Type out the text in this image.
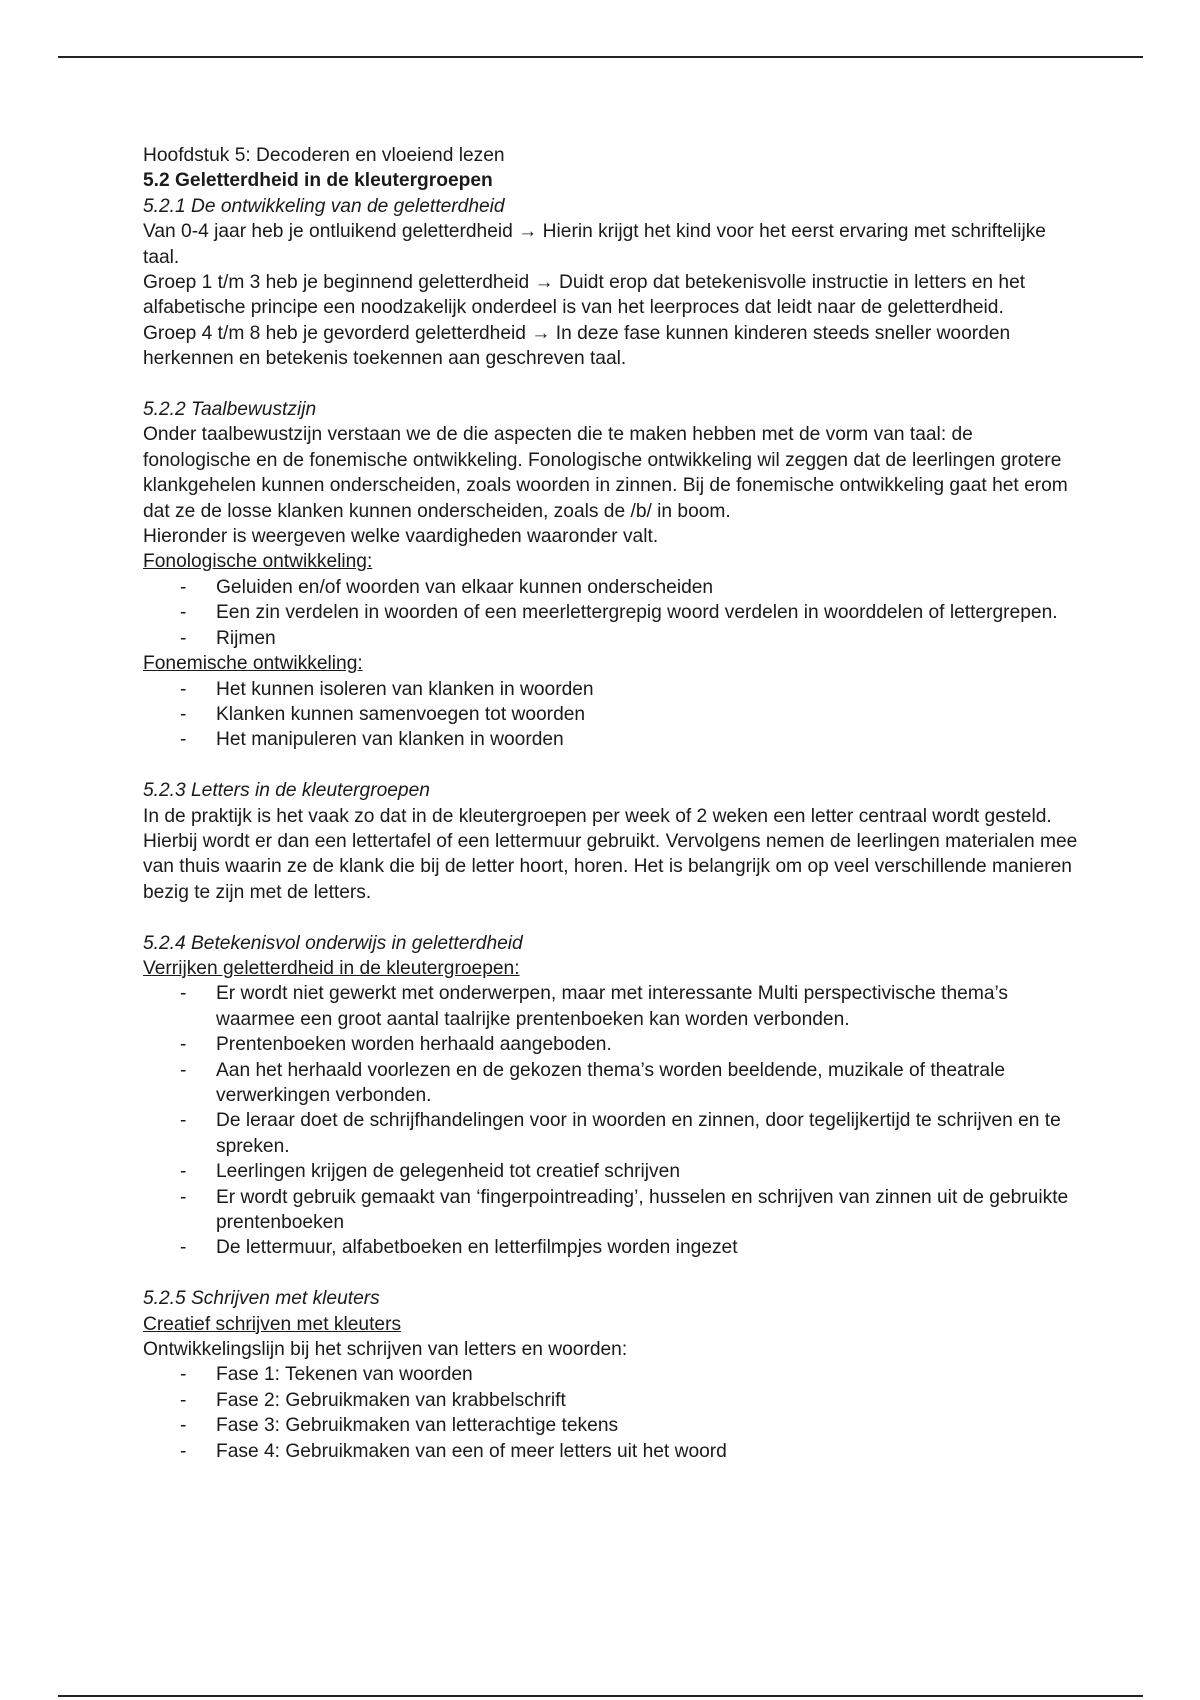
Hoofdstuk 5: Decoderen en vloeiend lezen

5.2 Geletterdheid in de kleutergroepen

5.2.1 De ontwikkeling van de geletterdheid

Van 0-4 jaar heb je ontluikend geletterdheid → Hierin krijgt het kind voor het eerst ervaring met schriftelijke taal.

Groep 1 t/m 3 heb je beginnend geletterdheid → Duidt erop dat betekenisvolle instructie in letters en het alfabetische principe een noodzakelijk onderdeel is van het leerproces dat leidt naar de geletterdheid.

Groep 4 t/m 8 heb je gevorderd geletterdheid → In deze fase kunnen kinderen steeds sneller woorden herkennen en betekenis toekennen aan geschreven taal.

5.2.2 Taalbewustzijn

Onder taalbewustzijn verstaan we de die aspecten die te maken hebben met de vorm van taal: de fonologische en de fonemische ontwikkeling. Fonologische ontwikkeling wil zeggen dat de leerlingen grotere klankgehelen kunnen onderscheiden, zoals woorden in zinnen. Bij de fonemische ontwikkeling gaat het erom dat ze de losse klanken kunnen onderscheiden, zoals de /b/ in boom.

Hieronder is weergeven welke vaardigheden waaronder valt.

Fonologische ontwikkeling:

- Geluiden en/of woorden van elkaar kunnen onderscheiden
- Een zin verdelen in woorden of een meerlettergrepig woord verdelen in woorddelen of lettergrepen.
- Rijmen

Fonemische ontwikkeling:

- Het kunnen isoleren van klanken in woorden
- Klanken kunnen samenvoegen tot woorden
- Het manipuleren van klanken in woorden

5.2.3 Letters in de kleutergroepen

In de praktijk is het vaak zo dat in de kleutergroepen per week of 2 weken een letter centraal wordt gesteld. Hierbij wordt er dan een lettertafel of een lettermuur gebruikt. Vervolgens nemen de leerlingen materialen mee van thuis waarin ze de klank die bij de letter hoort, horen. Het is belangrijk om op veel verschillende manieren bezig te zijn met de letters.

5.2.4 Betekenisvol onderwijs in geletterdheid

Verrijken geletterdheid in de kleutergroepen:

- Er wordt niet gewerkt met onderwerpen, maar met interessante Multi perspectivische thema’s waarmee een groot aantal taalrijke prentenboeken kan worden verbonden.
- Prentenboeken worden herhaald aangeboden.
- Aan het herhaald voorlezen en de gekozen thema’s worden beeldende, muzikale of theatrale verwerkingen verbonden.
- De leraar doet de schrijfhandelingen voor in woorden en zinnen, door tegelijkertijd te schrijven en te spreken.
- Leerlingen krijgen de gelegenheid tot creatief schrijven
- Er wordt gebruik gemaakt van ‘fingerpointreading’, husselen en schrijven van zinnen uit de gebruikte prentenboeken
- De lettermuur, alfabetboeken en letterfilmpjes worden ingezet

5.2.5 Schrijven met kleuters

Creatief schrijven met kleuters

Ontwikkelingslijn bij het schrijven van letters en woorden:

- Fase 1: Tekenen van woorden
- Fase 2: Gebruikmaken van krabbelschrift
- Fase 3: Gebruikmaken van letterachtige tekens
- Fase 4: Gebruikmaken van een of meer letters uit het woord
